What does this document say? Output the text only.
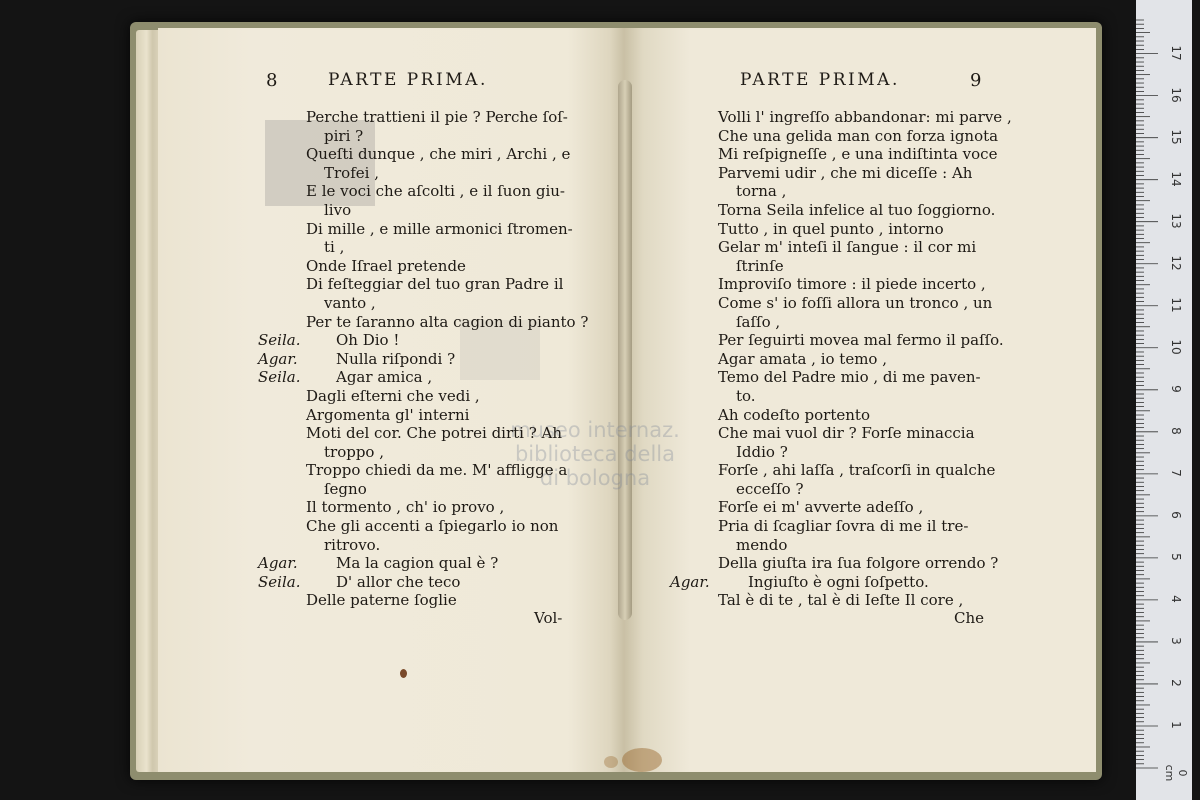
museo internaz.
biblioteca della
di bologna
8	PARTE PRIMA.
Perche trattieni il pie ? Perche ſoſ-
piri ?
Queſti dunque , che miri , Archi , e
Trofei ,
E le voci che aſcolti , e il ſuon giu-
livo
Di mille , e mille armonici ſtromen-
ti ,
Onde Iſrael pretende
Di feſteggiar del tuo gran Padre il
vanto ,
Per te ſaranno alta cagion di pianto ?
Seila. Oh Dio !
Agar.	Nulla riſpondi ?
Seila. Agar amica ,
Dagli eſterni che vedi ,
Argomenta gl' interni
Moti del cor. Che potrei dirti ? Ah
troppo ,
Troppo chiedi da me. M' affligge a
ſegno
Il tormento , ch' io provo ,
Che gli accenti a ſpiegarlo io non
ritrovo.
Agar.	Ma la cagion qual è ?
Seila. D' allor che teco
Delle paterne ſoglie
Vol-
PARTE PRIMA.	9
Volli l' ingreſſo abbandonar: mi parve ,
Che una gelida man con forza ignota
Mi reſpigneſſe , e una indiſtinta voce
Parvemi udir , che mi diceſſe : Ah
torna ,
Torna Seila infelice al tuo ſoggiorno.
Tutto , in quel punto , intorno
Gelar m' inteſi il ſangue : il cor mi
ſtrinſe
Improviſo timore : il piede incerto ,
Come s' io foſſi allora un tronco , un
ſaſſo ,
Per ſeguirti movea mal fermo il paſſo.
Agar amata , io temo ,
Temo del Padre mio , di me paven-
to.
Ah codeſto portento
Che mai vuol dir ? Forſe minaccia
Iddio ?
Forſe , ahi laſſa , traſcorſi in qualche
ecceſſo ?
Forſe ei m' avverte adeſſo ,
Pria di ſcagliar ſovra di me il tre-
mendo
Della giuſta ira ſua folgore orrendo ?
Agar.	Ingiuſto è ogni ſoſpetto.
Tal è di te , tal è di Ieſte Il core ,
Che
17
16
15
14
13
12
11
10
9
8
7
6
5
4
3
2
1
0 cm
